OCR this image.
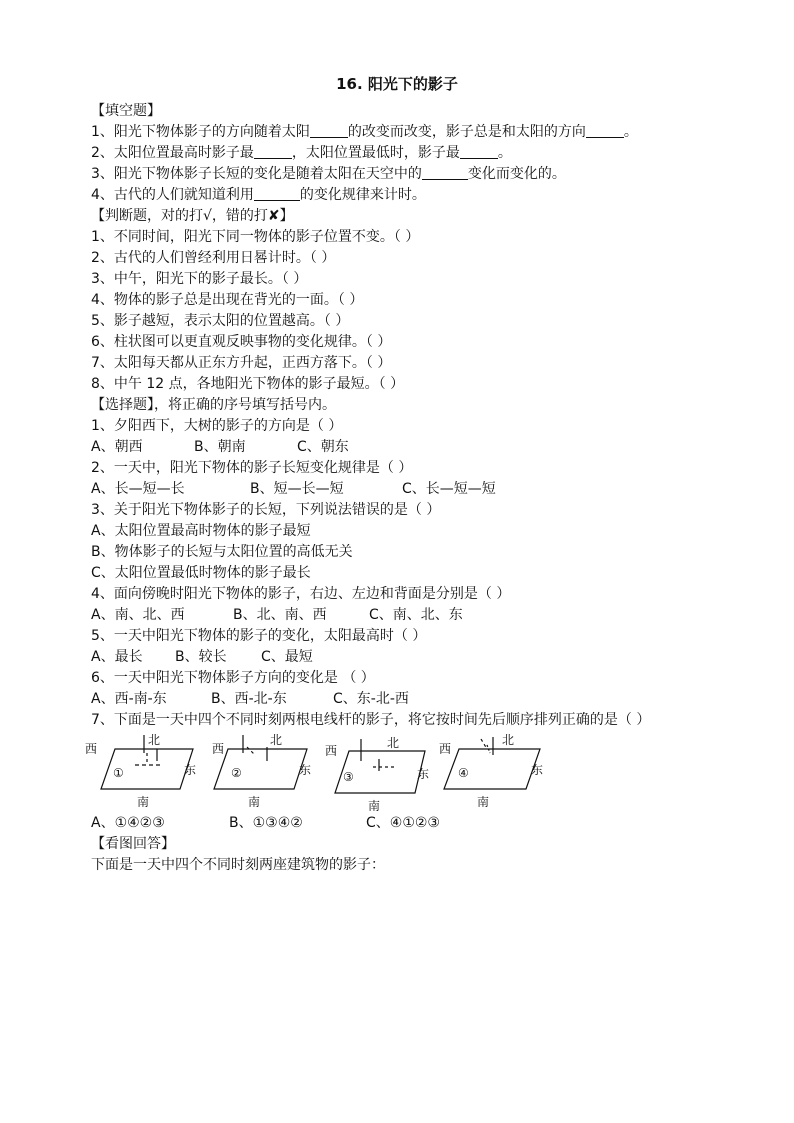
16. 阳光下的影子
【填空题】
1、阳光下物体影子的方向随着太阳	的改变而改变，影子总是和太阳的方向	。
2、太阳位置最高时影子最	，太阳位置最低时，影子最	。
3、阳光下物体影子长短的变化是随着太阳在天空中的	变化而变化的。
4、古代的人们就知道利用	的变化规律来计时。
【判断题，对的打√，错的打✘】
1、不同时间，阳光下同一物体的影子位置不变。（ ）
2、古代的人们曾经利用日晷计时。（ ）
3、中午，阳光下的影子最长。（ ）
4、物体的影子总是出现在背光的一面。（ ）
5、影子越短，表示太阳的位置越高。（ ）
6、柱状图可以更直观反映事物的变化规律。（ ）
7、太阳每天都从正东方升起，正西方落下。（ ）
8、中午 12 点，各地阳光下物体的影子最短。（ ）
【选择题】，将正确的序号填写括号内。
1、夕阳西下，大树的影子的方向是（ ）
A、朝西	B、朝南	C、朝东
2、一天中，阳光下物体的影子长短变化规律是（ ）
A、长—短—长	B、短—长—短	C、长—短—短
3、关于阳光下物体影子的长短，下列说法错误的是（ ）
A、太阳位置最高时物体的影子最短
B、物体影子的长短与太阳位置的高低无关
C、太阳位置最低时物体的影子最长
4、面向傍晚时阳光下物体的影子，右边、左边和背面是分别是（ ）
A、南、北、西	B、北、南、西	C、南、北、东
5、一天中阳光下物体的影子的变化，太阳最高时（ ）
A、最长 B、较长 C、最短
6、一天中阳光下物体影子方向的变化是 （ ）
A、西-南-东	B、西-北-东	C、东-北-西
7、下面是一天中四个不同时刻两根电线杆的影子，将它按时间先后顺序排列正确的是（ ）
北
西
东
南
①
北
西
东
南
②
北
西
东
南
③
北
西
东
南
④
A、①④②③	B、①③④②	C、④①②③
【看图回答】
下面是一天中四个不同时刻两座建筑物的影子：
